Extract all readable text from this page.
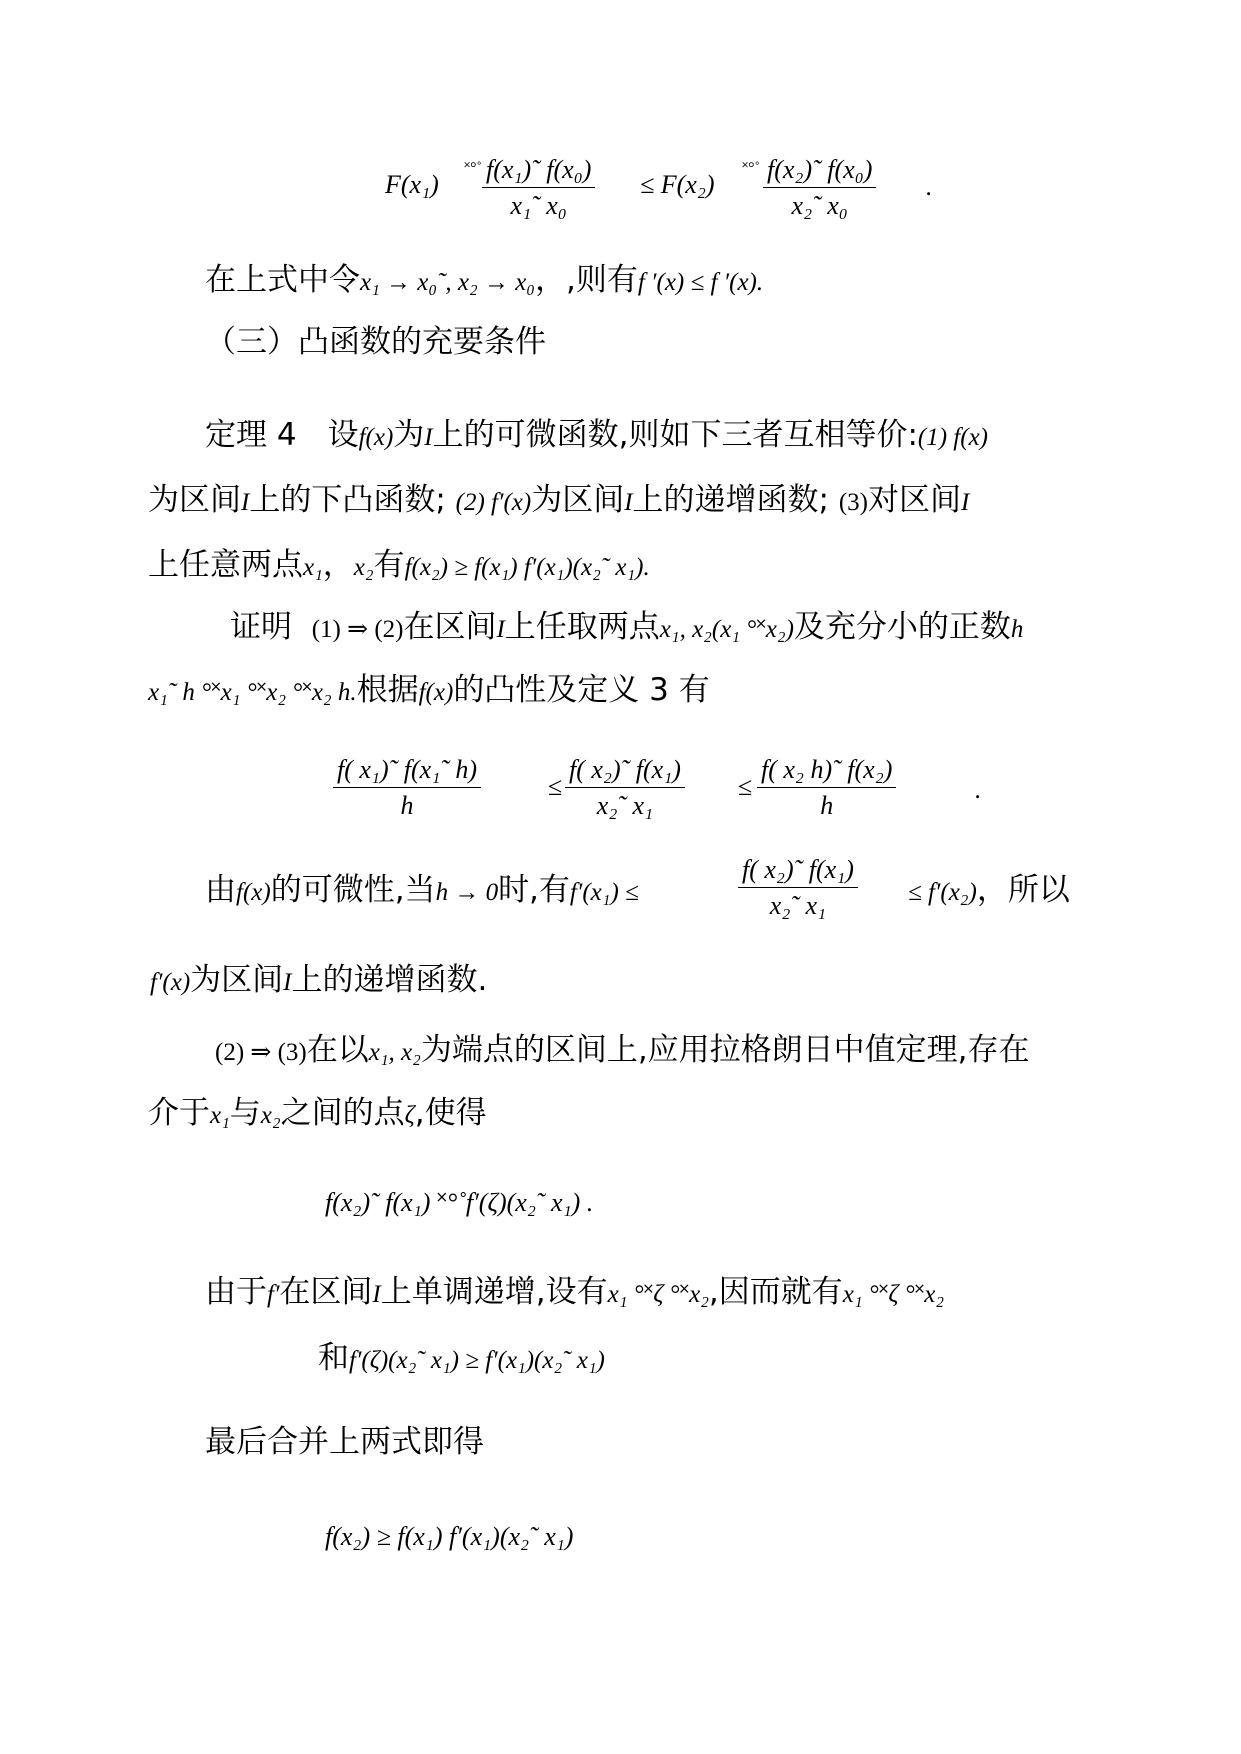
F(x₁)
˟°˚ f(x₁)˜ f(x₀)
x₁˜ x₀
≤ F(x₂)
˟°˚ f(x₂)˜ f(x₀)
x₂˜ x₀
.
在上式中令x₁ → x₀˜, x₂ → x₀，,则有f ′(x) ≤ f ′(x).
（三）凸函数的充要条件
定理 4　设f(x)为I上的可微函数,则如下三者互相等价:(1) f(x)
为区间I上的下凸函数; (2) f′(x)为区间I上的递增函数; (3)对区间I
上任意两点x₁，x₂有f(x₂) ≥ f(x₁) f′(x₁)(x₂˜ x₁).
证明 (1) ⇒ (2)在区间I上任取两点x₁, x₂(x₁ °˟x₂)及充分小的正数h
x₁˜ h °˟x₁ °˟x₂ °˟x₂ h.根据f(x)的凸性及定义 3 有
f( x₁)˜ f(x₁˜ h)
h
≤
f( x₂)˜ f(x₁)
x₂˜ x₁
≤
f( x₂ h)˜ f(x₂)
h
.
由f(x)的可微性,当h → 0时,有f′(x₁) ≤
f( x₂)˜ f(x₁)
x₂˜ x₁	≤ f′(x₂)，所以
f′(x)为区间I上的递增函数.
(2) ⇒ (3)在以x₁, x₂为端点的区间上,应用拉格朗日中值定理,存在
介于x₁与x₂之间的点ζ,使得
f(x₂)˜ f(x₁) ˟°˚f′(ζ)(x₂˜ x₁) .
由于f′在区间I上单调递增,设有x₁ °˟ζ °˟x₂,因而就有x₁ °˟ζ °˟x₂
和f′(ζ)(x₂˜ x₁) ≥ f′(x₁)(x₂˜ x₁)
最后合并上两式即得
f(x₂) ≥ f(x₁) f′(x₁)(x₂˜ x₁)
